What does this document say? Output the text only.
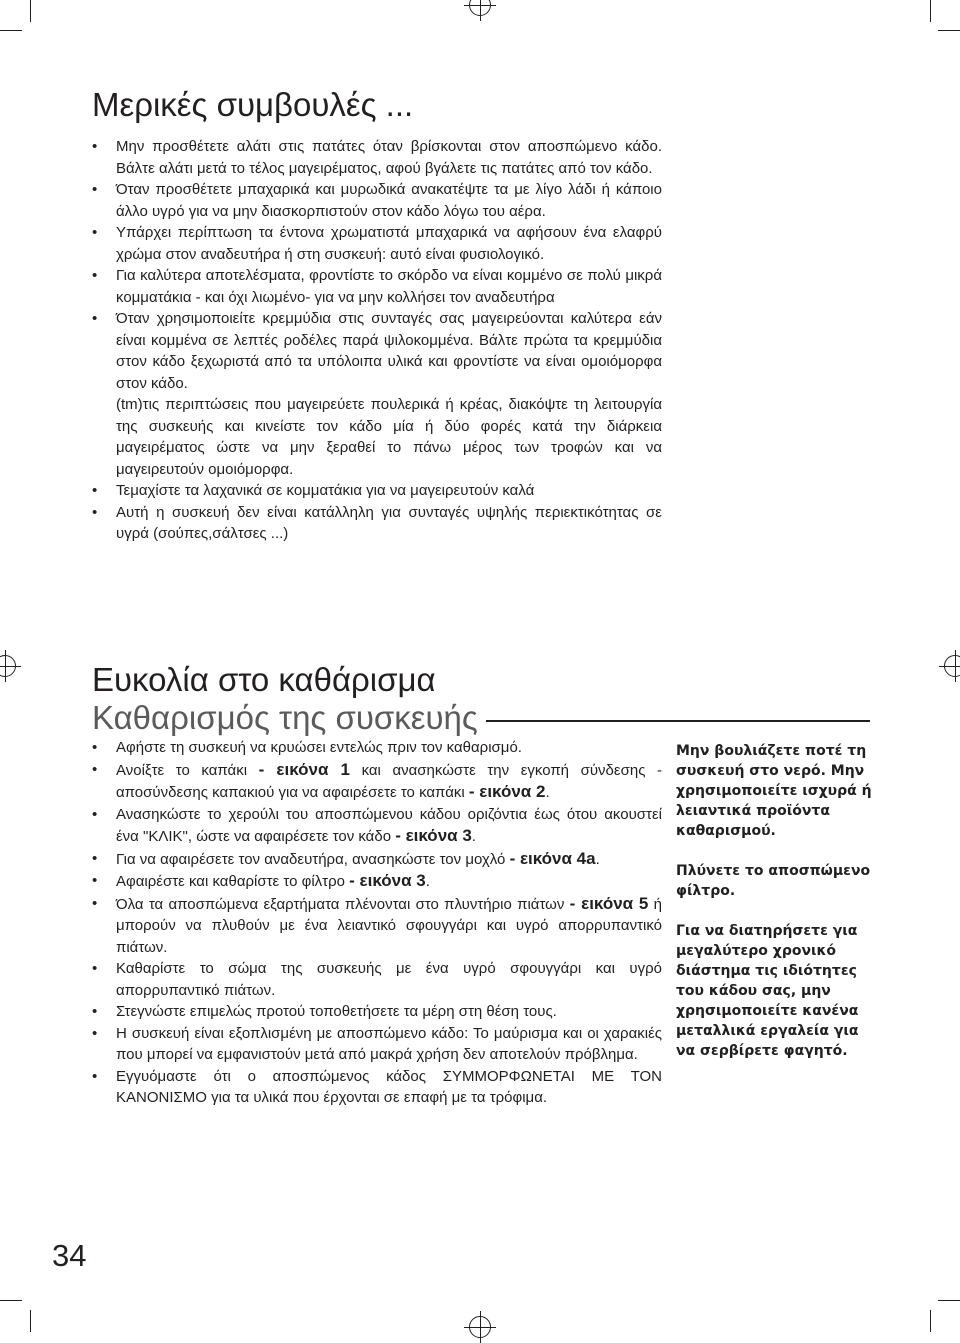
Μερικές συμβουλές ...
• Μην προσθέτετε αλάτι στις πατάτες όταν βρίσκονται στον αποσπώμενο κάδο. Βάλτε αλάτι μετά το τέλος μαγειρέματος, αφού βγάλετε τις πατάτες από τον κάδο.
• Όταν προσθέτετε μπαχαρικά και μυρωδικά ανακατέψτε τα με λίγο λάδι ή κάποιο άλλο υγρό για να μην διασκορπιστούν στον κάδο λόγω του αέρα.
• Υπάρχει περίπτωση τα έντονα χρωματιστά μπαχαρικά να αφήσουν ένα ελαφρύ χρώμα στον αναδευτήρα ή στη συσκευή: αυτό είναι φυσιολογικό.
• Για καλύτερα αποτελέσματα, φροντίστε το σκόρδο να είναι κομμένο σε πολύ μικρά κομματάκια - και όχι λιωμένο- για να μην κολλήσει τον αναδευτήρα
• Όταν χρησιμοποιείτε κρεμμύδια στις συνταγές σας μαγειρεύονται καλύτερα εάν είναι κομμένα σε λεπτές ροδέλες παρά ψιλοκομμένα. Βάλτε πρώτα τα κρεμμύδια στον κάδο ξεχωριστά από τα υπόλοιπα υλικά και φροντίστε να είναι ομοιόμορφα στον κάδο.
(tm)τις περιπτώσεις που μαγειρεύετε πουλερικά ή κρέας, διακόψτε τη λειτουργία της συσκευής και κινείστε τον κάδο μία ή δύο φορές κατά την διάρκεια μαγειρέματος ώστε να μην ξεραθεί το πάνω μέρος των τροφών και να μαγειρευτούν ομοιόμορφα.
• Τεμαχίστε τα λαχανικά σε κομματάκια για να μαγειρευτούν καλά
• Αυτή η συσκευή δεν είναι κατάλληλη για συνταγές υψηλής περιεκτικότητας σε υγρά (σούπες,σάλτσες ...)
Ευκολία στο καθάρισμα
Καθαρισμός της συσκευής
• Αφήστε τη συσκευή να κρυώσει εντελώς πριν τον καθαρισμό.
• Ανοίξτε το καπάκι - εικόνα 1 και ανασηκώστε την εγκοπή σύνδεσης - αποσύνδεσης καπακιού για να αφαιρέσετε το καπάκι - εικόνα 2.
• Ανασηκώστε το χερούλι του αποσπώμενου κάδου οριζόντια έως ότου ακουστεί ένα "ΚΛΙΚ", ώστε να αφαιρέσετε τον κάδο - εικόνα 3.
• Για να αφαιρέσετε τον αναδευτήρα, ανασηκώστε τον μοχλό - εικόνα 4a.
• Αφαιρέστε και καθαρίστε το φίλτρο - εικόνα 3.
• Όλα τα αποσπώμενα εξαρτήματα πλένονται στο πλυντήριο πιάτων - εικόνα 5 ή μπορούν να πλυθούν με ένα λειαντικό σφουγγάρι και υγρό απορρυπαντικό πιάτων.
• Καθαρίστε το σώμα της συσκευής με ένα υγρό σφουγγάρι και υγρό απορρυπαντικό πιάτων.
• Στεγνώστε επιμελώς προτού τοποθετήσετε τα μέρη στη θέση τους.
• Η συσκευή είναι εξοπλισμένη με αποσπώμενο κάδο: Το μαύρισμα και οι χαρακιές που μπορεί να εμφανιστούν μετά από μακρά χρήση δεν αποτελούν πρόβλημα.
• Εγγυόμαστε ότι ο αποσπώμενος κάδος ΣΥΜΜΟΡΦΩΝΕΤΑΙ ΜΕ ΤΟΝ ΚΑΝΟΝΙΣΜΟ για τα υλικά που έρχονται σε επαφή με τα τρόφιμα.

Μην βουλιάζετε ποτέ τη συσκευή στο νερό. Μην χρησιμοποιείτε ισχυρά ή λειαντικά προϊόντα καθαρισμού.

Πλύνετε το αποσπώμενο φίλτρο.

Για να διατηρήσετε για μεγαλύτερο χρονικό διάστημα τις ιδιότητες του κάδου σας, μην χρησιμοποιείτε κανένα μεταλλικά εργαλεία για να σερβίρετε φαγητό.

34
